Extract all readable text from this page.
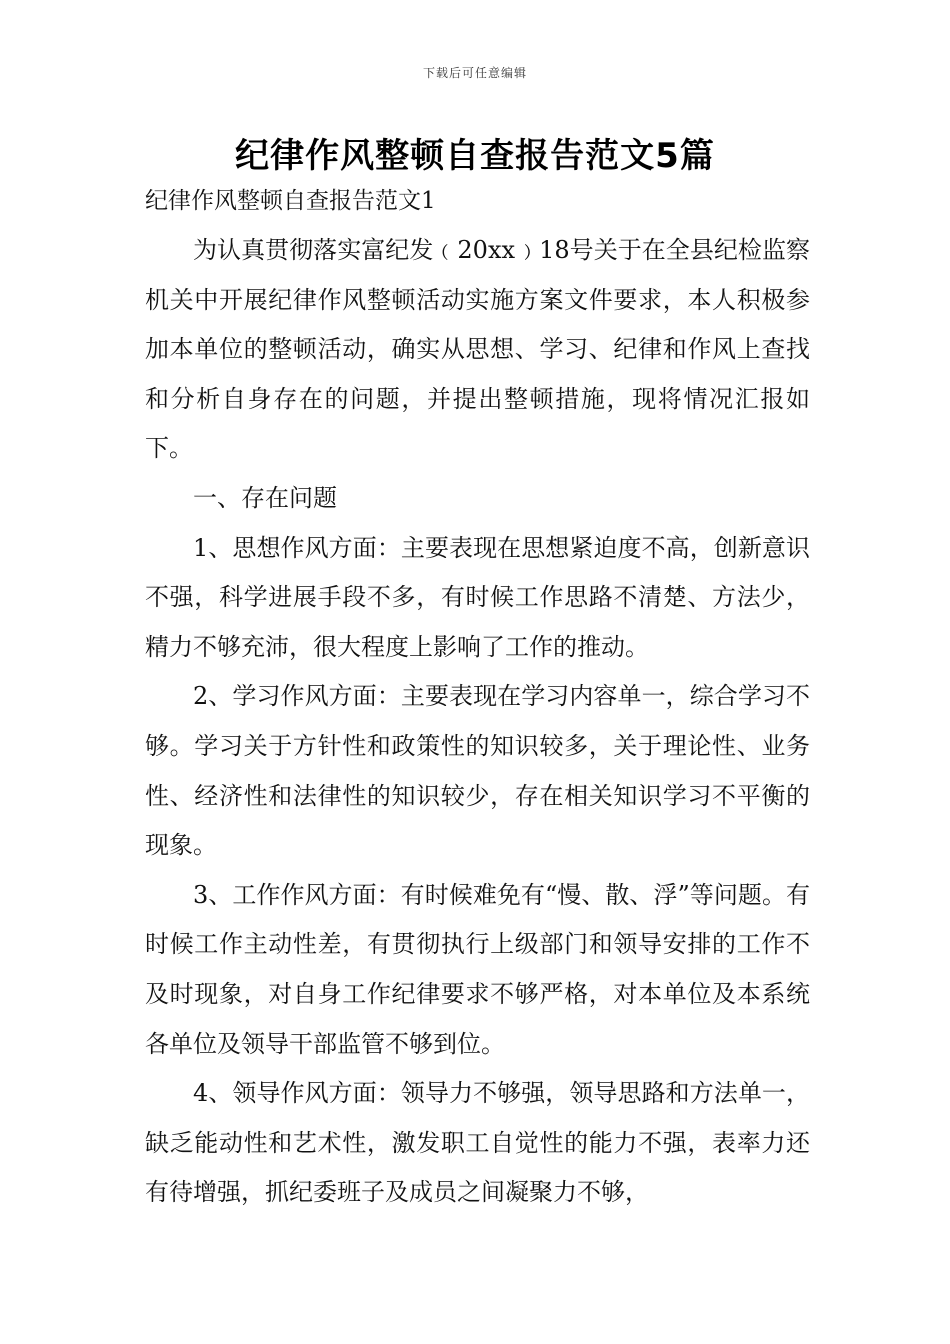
下载后可任意编辑
纪律作风整顿自查报告范文5篇

纪律作风整顿自查报告范文1

为认真贯彻落实富纪发﹙20xx﹚18号关于在全县纪检监察机关中开展纪律作风整顿活动实施方案文件要求，本人积极参加本单位的整顿活动，确实从思想、学习、纪律和作风上查找和分析自身存在的问题，并提出整顿措施，现将情况汇报如下。

一、存在问题

1、思想作风方面：主要表现在思想紧迫度不高，创新意识不强，科学进展手段不多，有时候工作思路不清楚、方法少，精力不够充沛，很大程度上影响了工作的推动。

2、学习作风方面：主要表现在学习内容单一，综合学习不够。学习关于方针性和政策性的知识较多，关于理论性、业务性、经济性和法律性的知识较少，存在相关知识学习不平衡的现象。

3、工作作风方面：有时候难免有“慢、散、浮”等问题。有时候工作主动性差，有贯彻执行上级部门和领导安排的工作不及时现象，对自身工作纪律要求不够严格，对本单位及本系统各单位及领导干部监管不够到位。

4、领导作风方面：领导力不够强，领导思路和方法单一，缺乏能动性和艺术性，激发职工自觉性的能力不强，表率力还有待增强，抓纪委班子及成员之间凝聚力不够，
